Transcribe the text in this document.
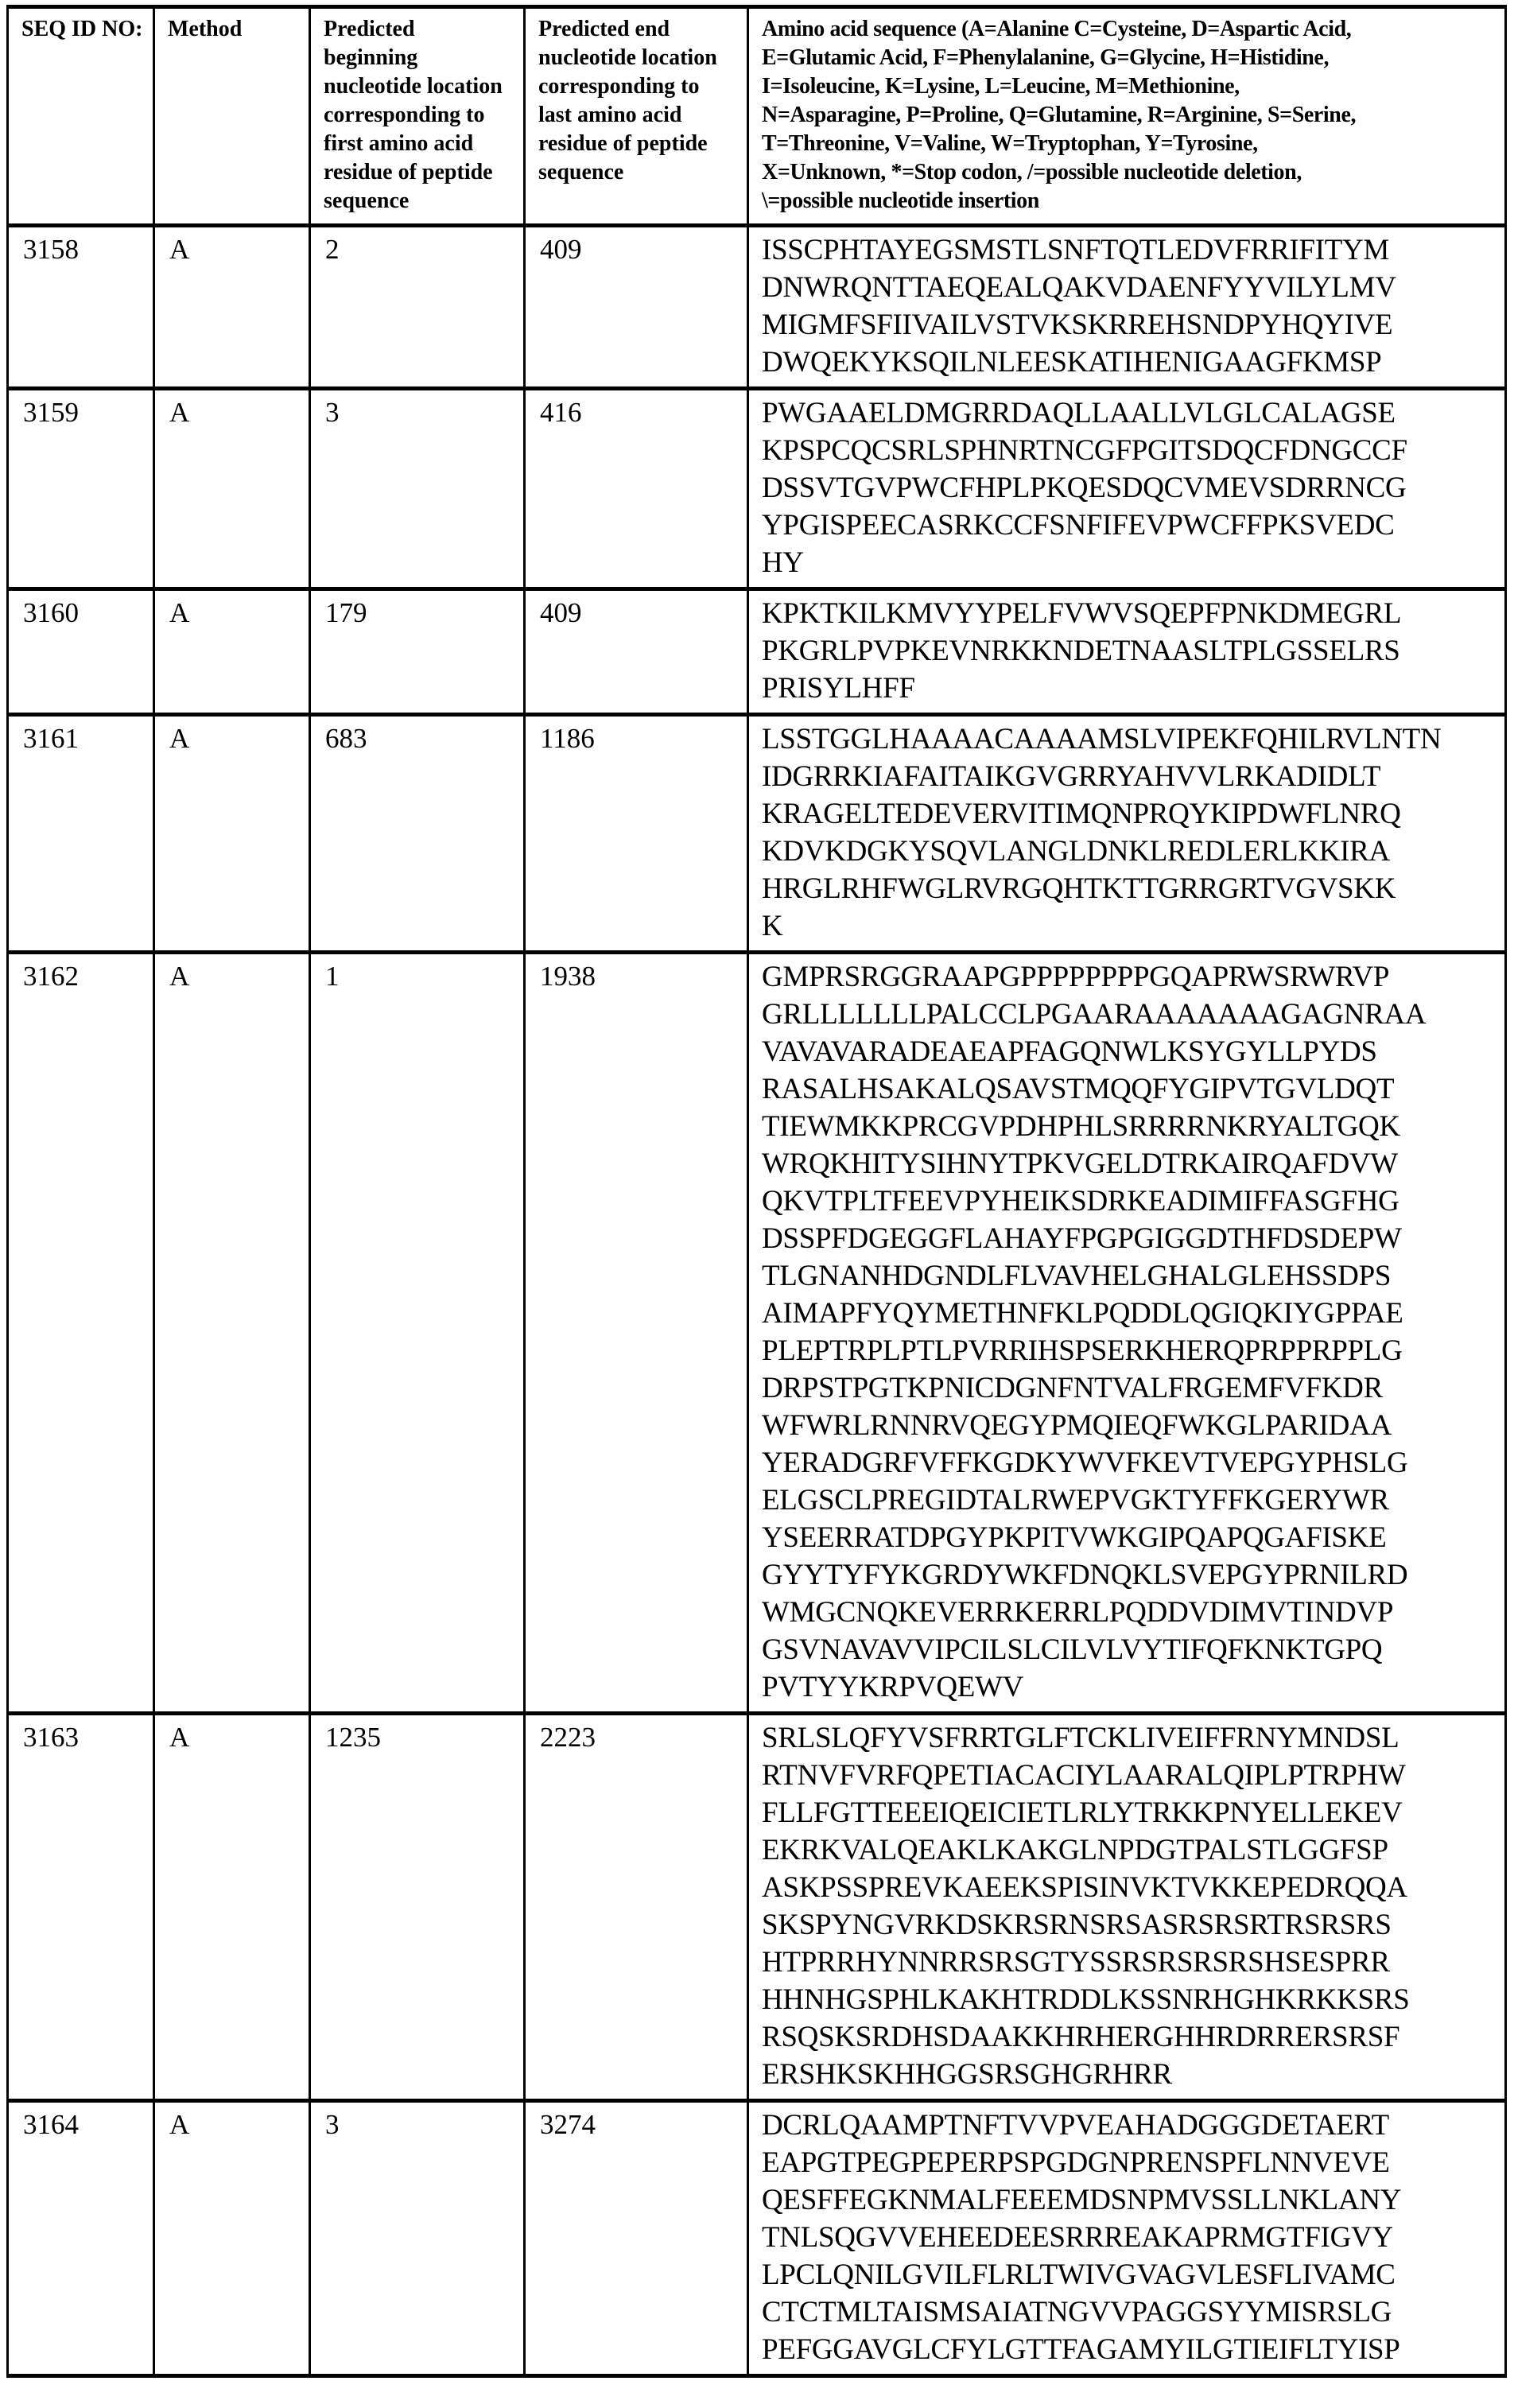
SEQ ID NO:	Method	Predicted beginning nucleotide location corresponding to first amino acid residue of peptide sequence	Predicted end nucleotide location corresponding to last amino acid residue of peptide sequence	Amino acid sequence (A=Alanine C=Cysteine, D=Aspartic Acid,
E=Glutamic Acid, F=Phenylalanine, G=Glycine, H=Histidine,
I=Isoleucine, K=Lysine, L=Leucine, M=Methionine,
N=Asparagine, P=Proline, Q=Glutamine, R=Arginine, S=Serine,
T=Threonine, V=Valine, W=Tryptophan, Y=Tyrosine,
X=Unknown, *=Stop codon, /=possible nucleotide deletion,
\=possible nucleotide insertion
3158	A	2	409	ISSCPHTAYEGSMSTLSNFTQTLEDVFRRIFITYM
DNWRQNTTAEQEALQAKVDAENFYYVILYLMV
MIGMFSFIIVAILVSTVKSKRREHSNDPYHQYIVE
DWQEKYKSQILNLEESKATIHENIGAAGFKMSP
3159	A	3	416	PWGAAELDMGRRDAQLLAALLVLGLCALAGSE
KPSPCQCSRLSPHNRTNCGFPGITSDQCFDNGCCF
DSSVTGVPWCFHPLPKQESDQCVMEVSDRRNCG
YPGISPEECASRKCCFSNFIFEVPWCFFPKSVEDC
HY
3160	A	179	409	KPKTKILKMVYYPELFVWVSQEPFPNKDMEGRL
PKGRLPVPKEVNRKKNDETNAASLTPLGSSELRS
PRISYLHFF
3161	A	683	1186	LSSTGGLHAAAACAAAAMSLVIPEKFQHILRVLNTN
IDGRRKIAFAITAIKGVGRRYAHVVLRKADIDLT
KRAGELTEDEVERVITIMQNPRQYKIPDWFLNRQ
KDVKDGKYSQVLANGLDNKLREDLERLKKIRA
HRGLRHFWGLRVRGQHTKTTGRRGRTVGVSKK
K
3162	A	1	1938	GMPRSRGGRAAPGPPPPPPPPGQAPRWSRWRVP
GRLLLLLLLPALCCLPGAARAAAAAAAGAGNRAA
VAVAVARADEAEAPFAGQNWLKSYGYLLPYDS
RASALHSAKALQSAVSTMQQFYGIPVTGVLDQT
TIEWMKKPRCGVPDHPHLSRRRRNKRYALTGQK
WRQKHITYSIHNYTPKVGELDTRKAIRQAFDVW
QKVTPLTFEEVPYHEIKSDRKEADIMIFFASGFHG
DSSPFDGEGGFLAHAYFPGPGIGGDTHFDSDEPW
TLGNANHDGNDLFLVAVHELGHALGLEHSSDPS
AIMAPFYQYMETHNFKLPQDDLQGIQKIYGPPAE
PLEPTRPLPTLPVRRIHSPSERKHERQPRPPRPPLG
DRPSTPGTKPNICDGNFNTVALFRGEMFVFKDR
WFWRLRNNRVQEGYPMQIEQFWKGLPARIDAA
YERADGRFVFFKGDKYWVFKEVTVEPGYPHSLG
ELGSCLPREGIDTALRWEPVGKTYFFKGERYWR
YSEERRATDPGYPKPITVWKGIPQAPQGAFISKE
GYYTYFYKGRDYWKFDNQKLSVEPGYPRNILRD
WMGCNQKEVERRKERRLPQDDVDIMVTINDVP
GSVNAVAVVIPCILSLCILVLVYTIFQFKNKTGPQ
PVTYYKRPVQEWV
3163	A	1235	2223	SRLSLQFYVSFRRTGLFTCKLIVEIFFRNYMNDSL
RTNVFVRFQPETIACACIYLAARALQIPLPTRPHW
FLLFGTTEEEIQEICIETLRLYTRKKPNYELLEKEV
EKRKVALQEAKLKAKGLNPDGTPALSTLGGFSP
ASKPSSPREVKAEEKSPISINVKTVKKEPEDRQQA
SKSPYNGVRKDSKRSRNSRSASRSRSRTRSRSRS
HTPRRHYNNRRSRSGTYSSRSRSRSRSHSESPRR
HHNHGSPHLKAKHTRDDLKSSNRHGHKRKKSRS
RSQSKSRDHSDAAKKHRHERGHHRDRRERSRSF
ERSHKSKHHGGSRSGHGRHRR
3164	A	3	3274	DCRLQAAMPTNFTVVPVEAHADGGGDETAERT
EAPGTPEGPEPERPSPGDGNPRENSPFLNNVEVE
QESFFEGKNMALFEEEMDSNPMVSSLLNKLANY
TNLSQGVVEHEEDEESRRREAKAPRMGTFIGVY
LPCLQNILGVILFLRLTWIVGVAGVLESFLIVAMC
CTCTMLTAISMSAIATNGVVPAGGSYYMISRSLG
PEFGGAVGLCFYLGTTFAGAMYILGTIEIFLTYISP
